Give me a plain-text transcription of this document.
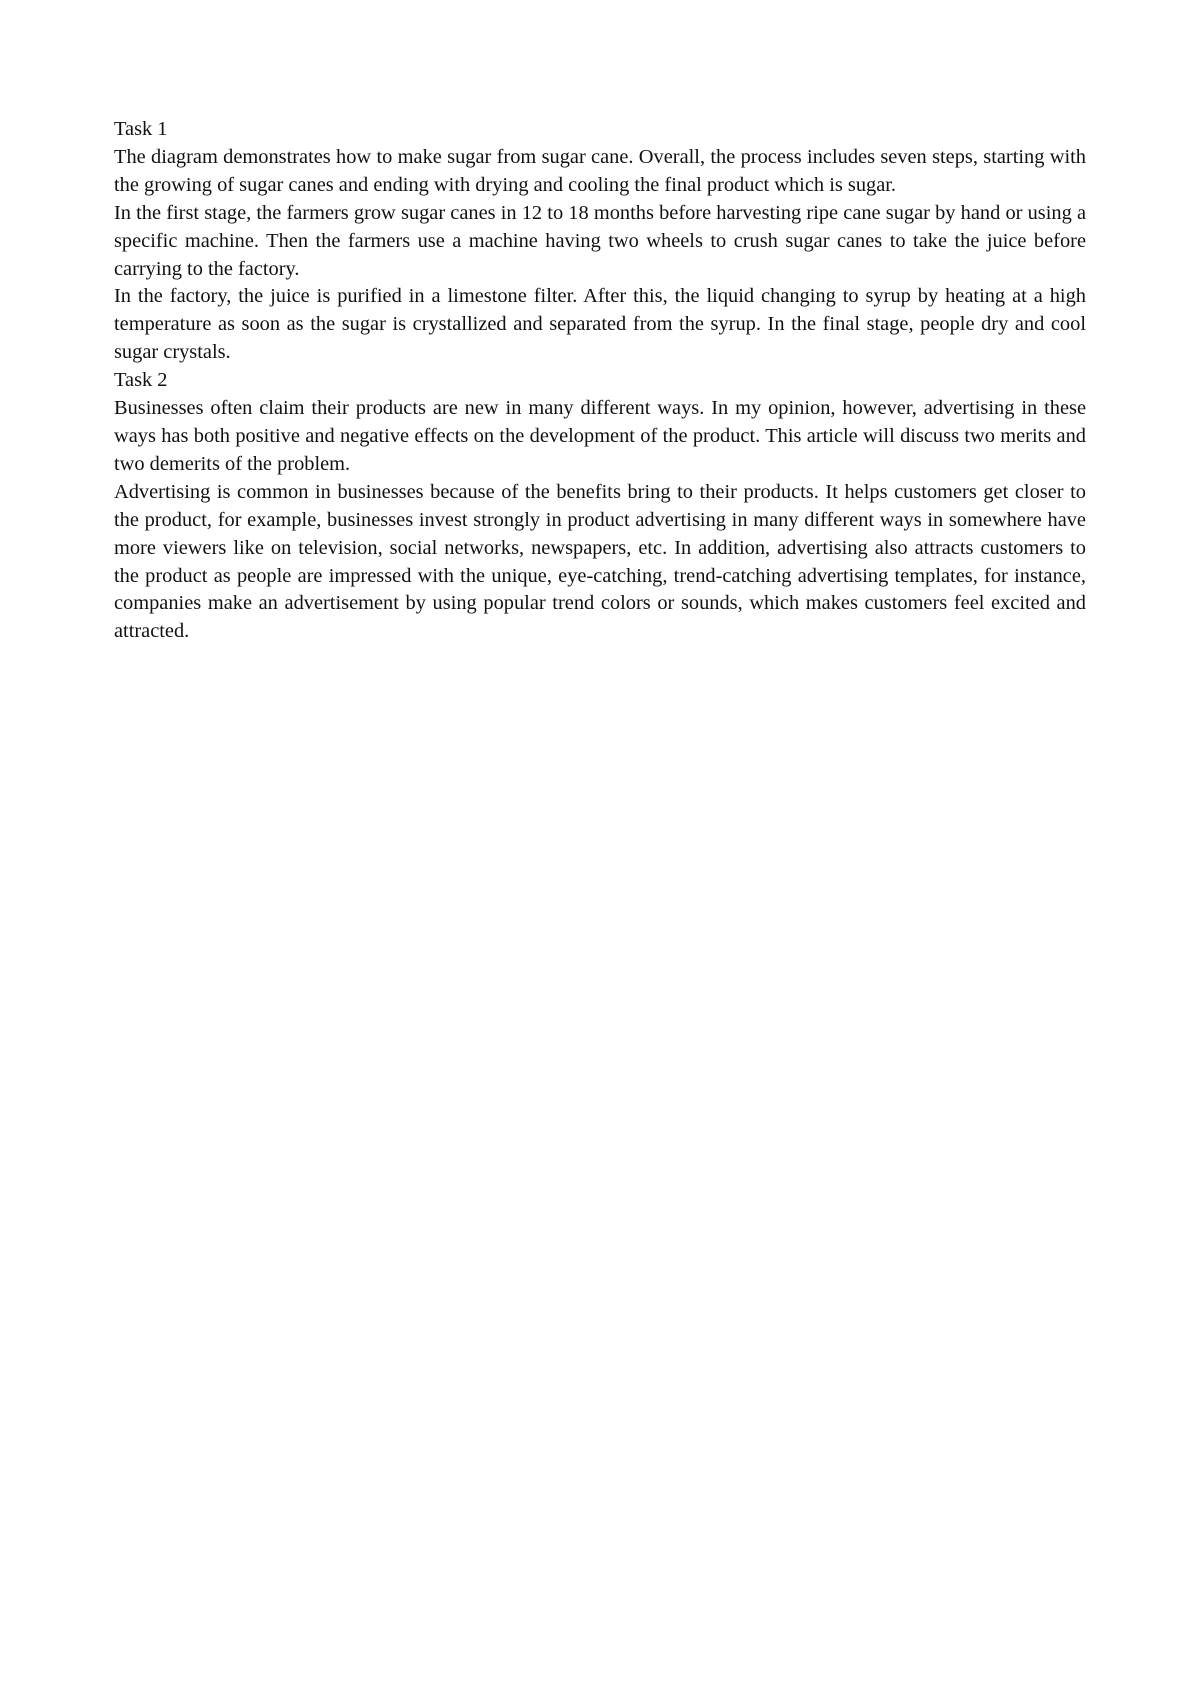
Task 1

The diagram demonstrates how to make sugar from sugar cane. Overall, the process includes seven steps, starting with the growing of sugar canes and ending with drying and cooling the final product which is sugar.

In the first stage, the farmers grow sugar canes in 12 to 18 months before harvesting ripe cane sugar by hand or using a specific machine. Then the farmers use a machine having two wheels to crush sugar canes to take the juice before carrying to the factory.

In the factory, the juice is purified in a limestone filter. After this, the liquid changing to syrup by heating at a high temperature as soon as the sugar is crystallized and separated from the syrup. In the final stage, people dry and cool sugar crystals.

Task 2

Businesses often claim their products are new in many different ways. In my opinion, however, advertising in these ways has both positive and negative effects on the development of the product. This article will discuss two merits and two demerits of the problem.

Advertising is common in businesses because of the benefits bring to their products. It helps customers get closer to the product, for example, businesses invest strongly in product advertising in many different ways in somewhere have more viewers like on television, social networks, newspapers, etc. In addition, advertising also attracts customers to the product as people are impressed with the unique, eye-catching, trend-catching advertising templates, for instance, companies make an advertisement by using popular trend colors or sounds, which makes customers feel excited and attracted.
